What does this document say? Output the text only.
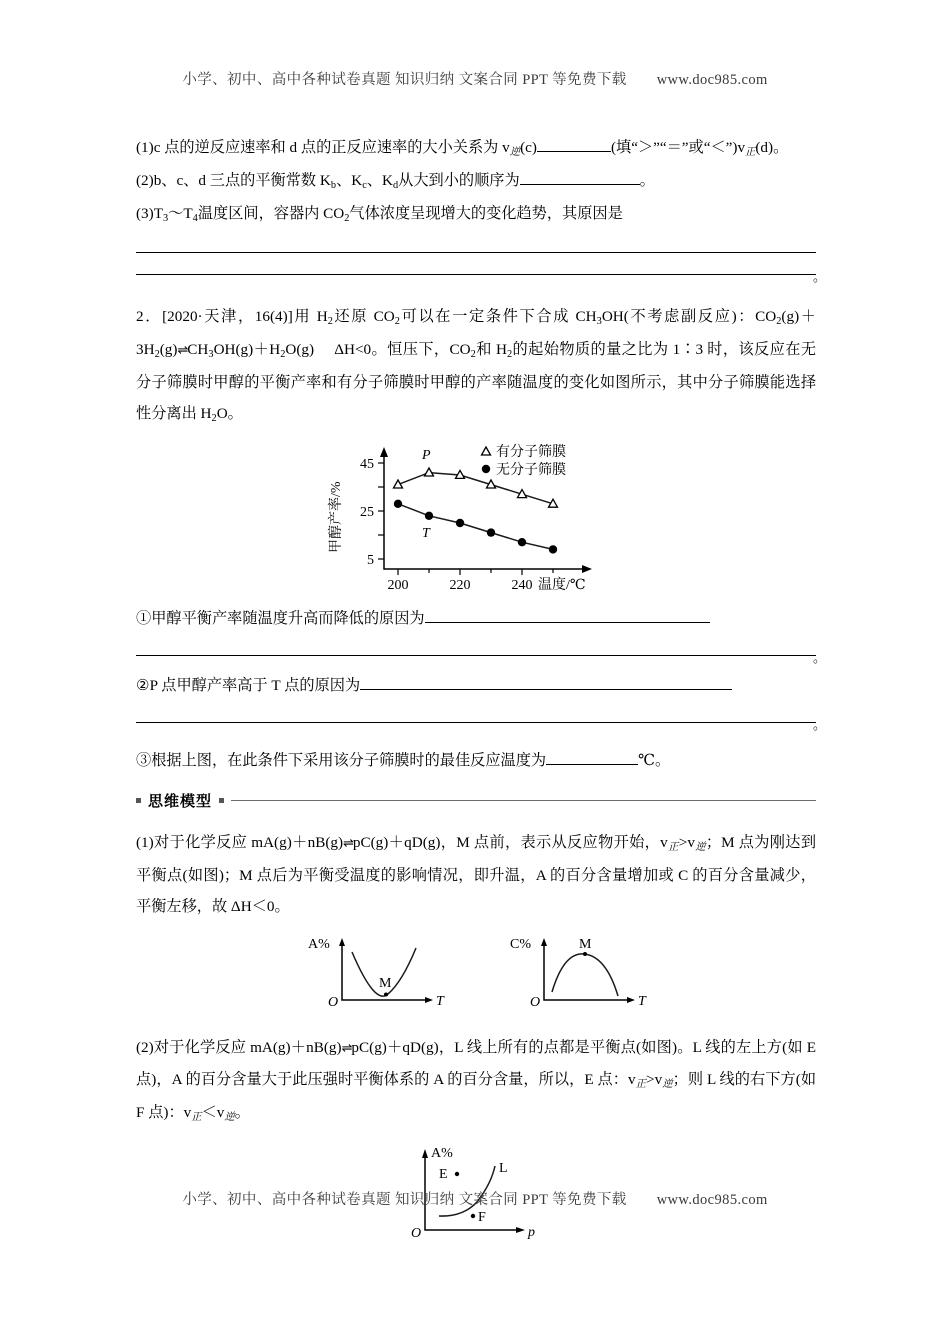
小学、初中、高中各种试卷真题 知识归纳 文案合同 PPT 等免费下载 www.doc985.com

(1)c 点的逆反应速率和 d 点的正反应速率的大小关系为 $v_逆(c)$	(填“＞”“＝”或“$<”)v_正(d)$。

(2)b、c、d 三点的平衡常数 $K_b$、$K_c$、$K_d$从大到小的顺序为	。

$(3)T_3\sim T_4$温度区间，容器内 $CO_2$气体浓度呈现增大的变化趋势，其原因是

。

2．[2020·天津，16(4)]用 $H_2$还原 $CO_2$可以在一定条件下合成 $CH_3OH$(不考虑副反应)：$CO_2(g)+3H_2(g)\rightleftharpoons CH_3OH(g)+H_2O(g)$　 ΔH<0。恒压下，$CO_2$和 $H_2$的起始物质的量之比为 1∶3 时，该反应在无分子筛膜时甲醇的平衡产率和有分子筛膜时甲醇的产率随温度的变化如图所示，其中分子筛膜能选择性分离出 $H_2O$。

甲醇产率/%
5
25
45
200	220	240 温度/℃
P
T
有分子筛膜
无分子筛膜

①甲醇平衡产率随温度升高而降低的原因为

。

②P 点甲醇产率高于 T 点的原因为

。

③根据上图，在此条件下采用该分子筛膜时的最佳反应温度为	℃。

思维模型

(1)对于化学反应 mA(g)＋nB(g)⇌pC(g)＋qD(g)，M 点前，表示从反应物开始，$v_正>v_逆$；M 点为刚达到平衡点(如图)；M 点后为平衡受温度的影响情况，即升温，A 的百分含量增加或 C 的百分含量减少，平衡左移，故 ΔH＜0。

A%
M
O	T
C%	M
O	T

(2)对于化学反应 mA(g)＋nB(g)⇌pC(g)＋qD(g)，L 线上所有的点都是平衡点(如图)。L 线的左上方(如 E 点)，A 的百分含量大于此压强时平衡体系的 A 的百分含量，所以，E 点：$v_正>v_逆$；则 L 线的右下方(如 F 点)：$v_正<v_逆$。

A%
L
E
F
O	p
小学、初中、高中各种试卷真题 知识归纳 文案合同 PPT 等免费下载 www.doc985.com
